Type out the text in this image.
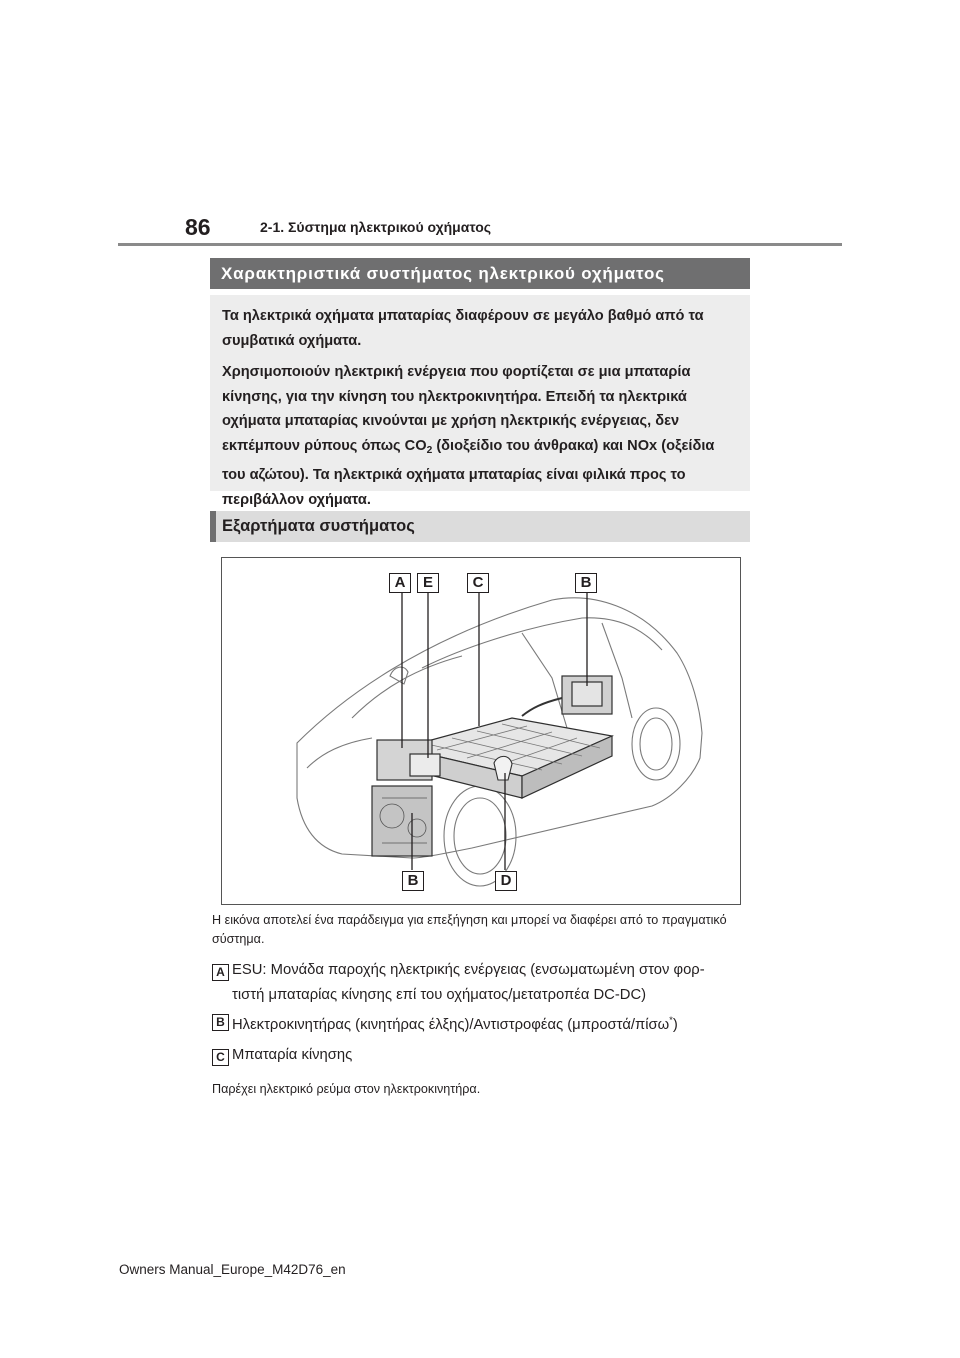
86	2-1. Σύστημα ηλεκτρικού οχήματος
Χαρακτηριστικά συστήματος ηλεκτρικού οχήματος

Τα ηλεκτρικά οχήματα μπαταρίας διαφέρουν σε μεγάλο βαθμό από τα συμβατικά οχήματα.

Χρησιμοποιούν ηλεκτρική ενέργεια που φορτίζεται σε μια μπαταρία κίνησης, για την κίνηση του ηλεκτροκινητήρα. Επειδή τα ηλεκτρικά οχήματα μπαταρίας κινούνται με χρήση ηλεκτρικής ενέργειας, δεν εκπέμπουν ρύπους όπως $CO_2$ (διοξείδιο του άνθρακα) και NOx (οξείδια του αζώτου). Τα ηλεκτρικά οχήματα μπαταρίας είναι φιλικά προς το περιβάλλον οχήματα.

Εξαρτήματα συστήματος
A	E	C	B
B	D
Η εικόνα αποτελεί ένα παράδειγμα για επεξήγηση και μπορεί να διαφέρει από το πραγματικό σύστημα.
A ESU: Μονάδα παροχής ηλεκτρικής ενέργειας (ενσωματωμένη στον φορ-
τιστή μπαταρίας κίνησης επί του οχήματος/μετατροπέα DC-DC)
B Ηλεκτροκινητήρας (κινητήρας έλξης)/Αντιστροφέας (μπροστά/πίσω*)
C Μπαταρία κίνησης
Παρέχει ηλεκτρικό ρεύμα στον ηλεκτροκινητήρα.
Owners Manual_Europe_M42D76_en
